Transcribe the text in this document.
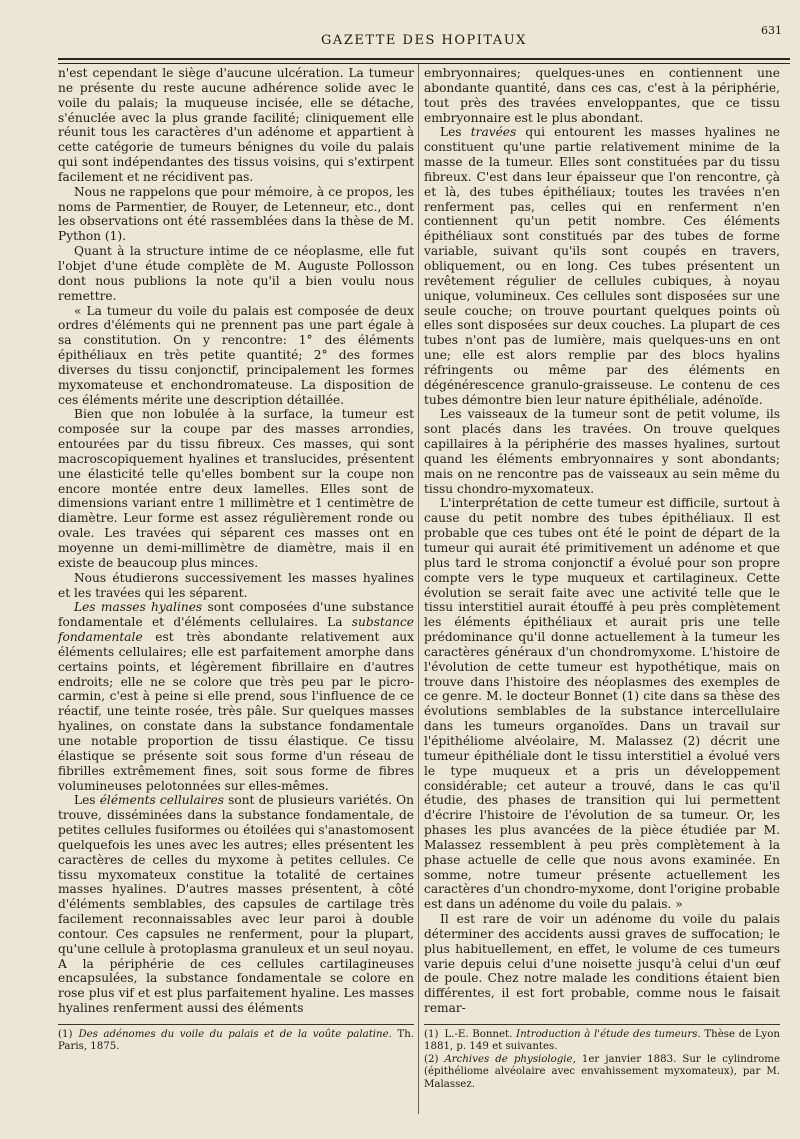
GAZETTE DES HOPITAUX
631

n'est cependant le siège d'aucune ulcération. La tumeur ne présente du reste aucune adhérence solide avec le voile du palais; la muqueuse incisée, elle se détache, s'énuclée avec la plus grande facilité; cliniquement elle réunit tous les caractères d'un adénome et appartient à cette catégorie de tumeurs bénignes du voile du palais qui sont indépendantes des tissus voisins, qui s'extirpent facilement et ne récidivent pas.

Nous ne rappelons que pour mémoire, à ce propos, les noms de Parmentier, de Rouyer, de Letenneur, etc., dont les observations ont été rassemblées dans la thèse de M. Python (1).

Quant à la structure intime de ce néoplasme, elle fut l'objet d'une étude complète de M. Auguste Pollosson dont nous publions la note qu'il a bien voulu nous remettre.

« La tumeur du voile du palais est composée de deux ordres d'éléments qui ne prennent pas une part égale à sa constitution. On y rencontre: 1° des éléments épithéliaux en très petite quantité; 2° des formes diverses du tissu conjonctif, principalement les formes myxomateuse et enchondromateuse. La disposition de ces éléments mérite une description détaillée.

Bien que non lobulée à la surface, la tumeur est composée sur la coupe par des masses arrondies, entourées par du tissu fibreux. Ces masses, qui sont macroscopiquement hyalines et translucides, présentent une élasticité telle qu'elles bombent sur la coupe non encore montée entre deux lamelles. Elles sont de dimensions variant entre 1 millimètre et 1 centimètre de diamètre. Leur forme est assez régulièrement ronde ou ovale. Les travées qui séparent ces masses ont en moyenne un demi-millimètre de diamètre, mais il en existe de beaucoup plus minces.

Nous étudierons successivement les masses hyalines et les travées qui les séparent.

Les masses hyalines sont composées d'une substance fondamentale et d'éléments cellulaires. La substance fondamentale est très abondante relativement aux éléments cellulaires; elle est parfaitement amorphe dans certains points, et légèrement fibrillaire en d'autres endroits; elle ne se colore que très peu par le picro-carmin, c'est à peine si elle prend, sous l'influence de ce réactif, une teinte rosée, très pâle. Sur quelques masses hyalines, on constate dans la substance fondamentale une notable proportion de tissu élastique. Ce tissu élastique se présente soit sous forme d'un réseau de fibrilles extrêmement fines, soit sous forme de fibres volumineuses pelotonnées sur elles-mêmes.

Les éléments cellulaires sont de plusieurs variétés. On trouve, disséminées dans la substance fondamentale, de petites cellules fusiformes ou étoilées qui s'anastomosent quelquefois les unes avec les autres; elles présentent les caractères de celles du myxome à petites cellules. Ce tissu myxomateux constitue la totalité de certaines masses hyalines. D'autres masses présentent, à côté d'éléments semblables, des capsules de cartilage très facilement reconnaissables avec leur paroi à double contour. Ces capsules ne renferment, pour la plupart, qu'une cellule à protoplasma granuleux et un seul noyau. A la périphérie de ces cellules cartilagineuses encapsulées, la substance fondamentale se colore en rose plus vif et est plus parfaitement hyaline. Les masses hyalines renferment aussi des éléments

(1) Des adénomes du voile du palais et de la voûte palatine. Th. Paris, 1875.

embryonnaires; quelques-unes en contiennent une abondante quantité, dans ces cas, c'est à la périphérie, tout près des travées enveloppantes, que ce tissu embryonnaire est le plus abondant.

Les travées qui entourent les masses hyalines ne constituent qu'une partie relativement minime de la masse de la tumeur. Elles sont constituées par du tissu fibreux. C'est dans leur épaisseur que l'on rencontre, çà et là, des tubes épithéliaux; toutes les travées n'en renferment pas, celles qui en renferment n'en contiennent qu'un petit nombre. Ces éléments épithéliaux sont constitués par des tubes de forme variable, suivant qu'ils sont coupés en travers, obliquement, ou en long. Ces tubes présentent un revêtement régulier de cellules cubiques, à noyau unique, volumineux. Ces cellules sont disposées sur une seule couche; on trouve pourtant quelques points où elles sont disposées sur deux couches. La plupart de ces tubes n'ont pas de lumière, mais quelques-uns en ont une; elle est alors remplie par des blocs hyalins réfringents ou même par des éléments en dégénérescence granulo-graisseuse. Le contenu de ces tubes démontre bien leur nature épithéliale, adénoïde.

Les vaisseaux de la tumeur sont de petit volume, ils sont placés dans les travées. On trouve quelques capillaires à la périphérie des masses hyalines, surtout quand les éléments embryonnaires y sont abondants; mais on ne rencontre pas de vaisseaux au sein même du tissu chondro-myxomateux.

L'interprétation de cette tumeur est difficile, surtout à cause du petit nombre des tubes épithéliaux. Il est probable que ces tubes ont été le point de départ de la tumeur qui aurait été primitivement un adénome et que plus tard le stroma conjonctif a évolué pour son propre compte vers le type muqueux et cartilagineux. Cette évolution se serait faite avec une activité telle que le tissu interstitiel aurait étouffé à peu près complètement les éléments épithéliaux et aurait pris une telle prédominance qu'il donne actuellement à la tumeur les caractères généraux d'un chondromyxome. L'histoire de l'évolution de cette tumeur est hypothétique, mais on trouve dans l'histoire des néoplasmes des exemples de ce genre. M. le docteur Bonnet (1) cite dans sa thèse des évolutions semblables de la substance intercellulaire dans les tumeurs organoïdes. Dans un travail sur l'épithéliome alvéolaire, M. Malassez (2) décrit une tumeur épithéliale dont le tissu interstitiel a évolué vers le type muqueux et a pris un développement considérable; cet auteur a trouvé, dans le cas qu'il étudie, des phases de transition qui lui permettent d'écrire l'histoire de l'évolution de sa tumeur. Or, les phases les plus avancées de la pièce étudiée par M. Malassez ressemblent à peu près complètement à la phase actuelle de celle que nous avons examinée. En somme, notre tumeur présente actuellement les caractères d'un chondro-myxome, dont l'origine probable est dans un adénome du voile du palais. »

Il est rare de voir un adénome du voile du palais déterminer des accidents aussi graves de suffocation; le plus habituellement, en effet, le volume de ces tumeurs varie depuis celui d'une noisette jusqu'à celui d'un œuf de poule. Chez notre malade les conditions étaient bien différentes, il est fort probable, comme nous le faisait remar-

(1) L.-E. Bonnet. Introduction à l'étude des tumeurs. Thèse de Lyon 1881, p. 149 et suivantes.

(2) Archives de physiologie, 1er janvier 1883. Sur le cylindrome (épithéliome alvéolaire avec envahissement myxomateux), par M. Malassez.
